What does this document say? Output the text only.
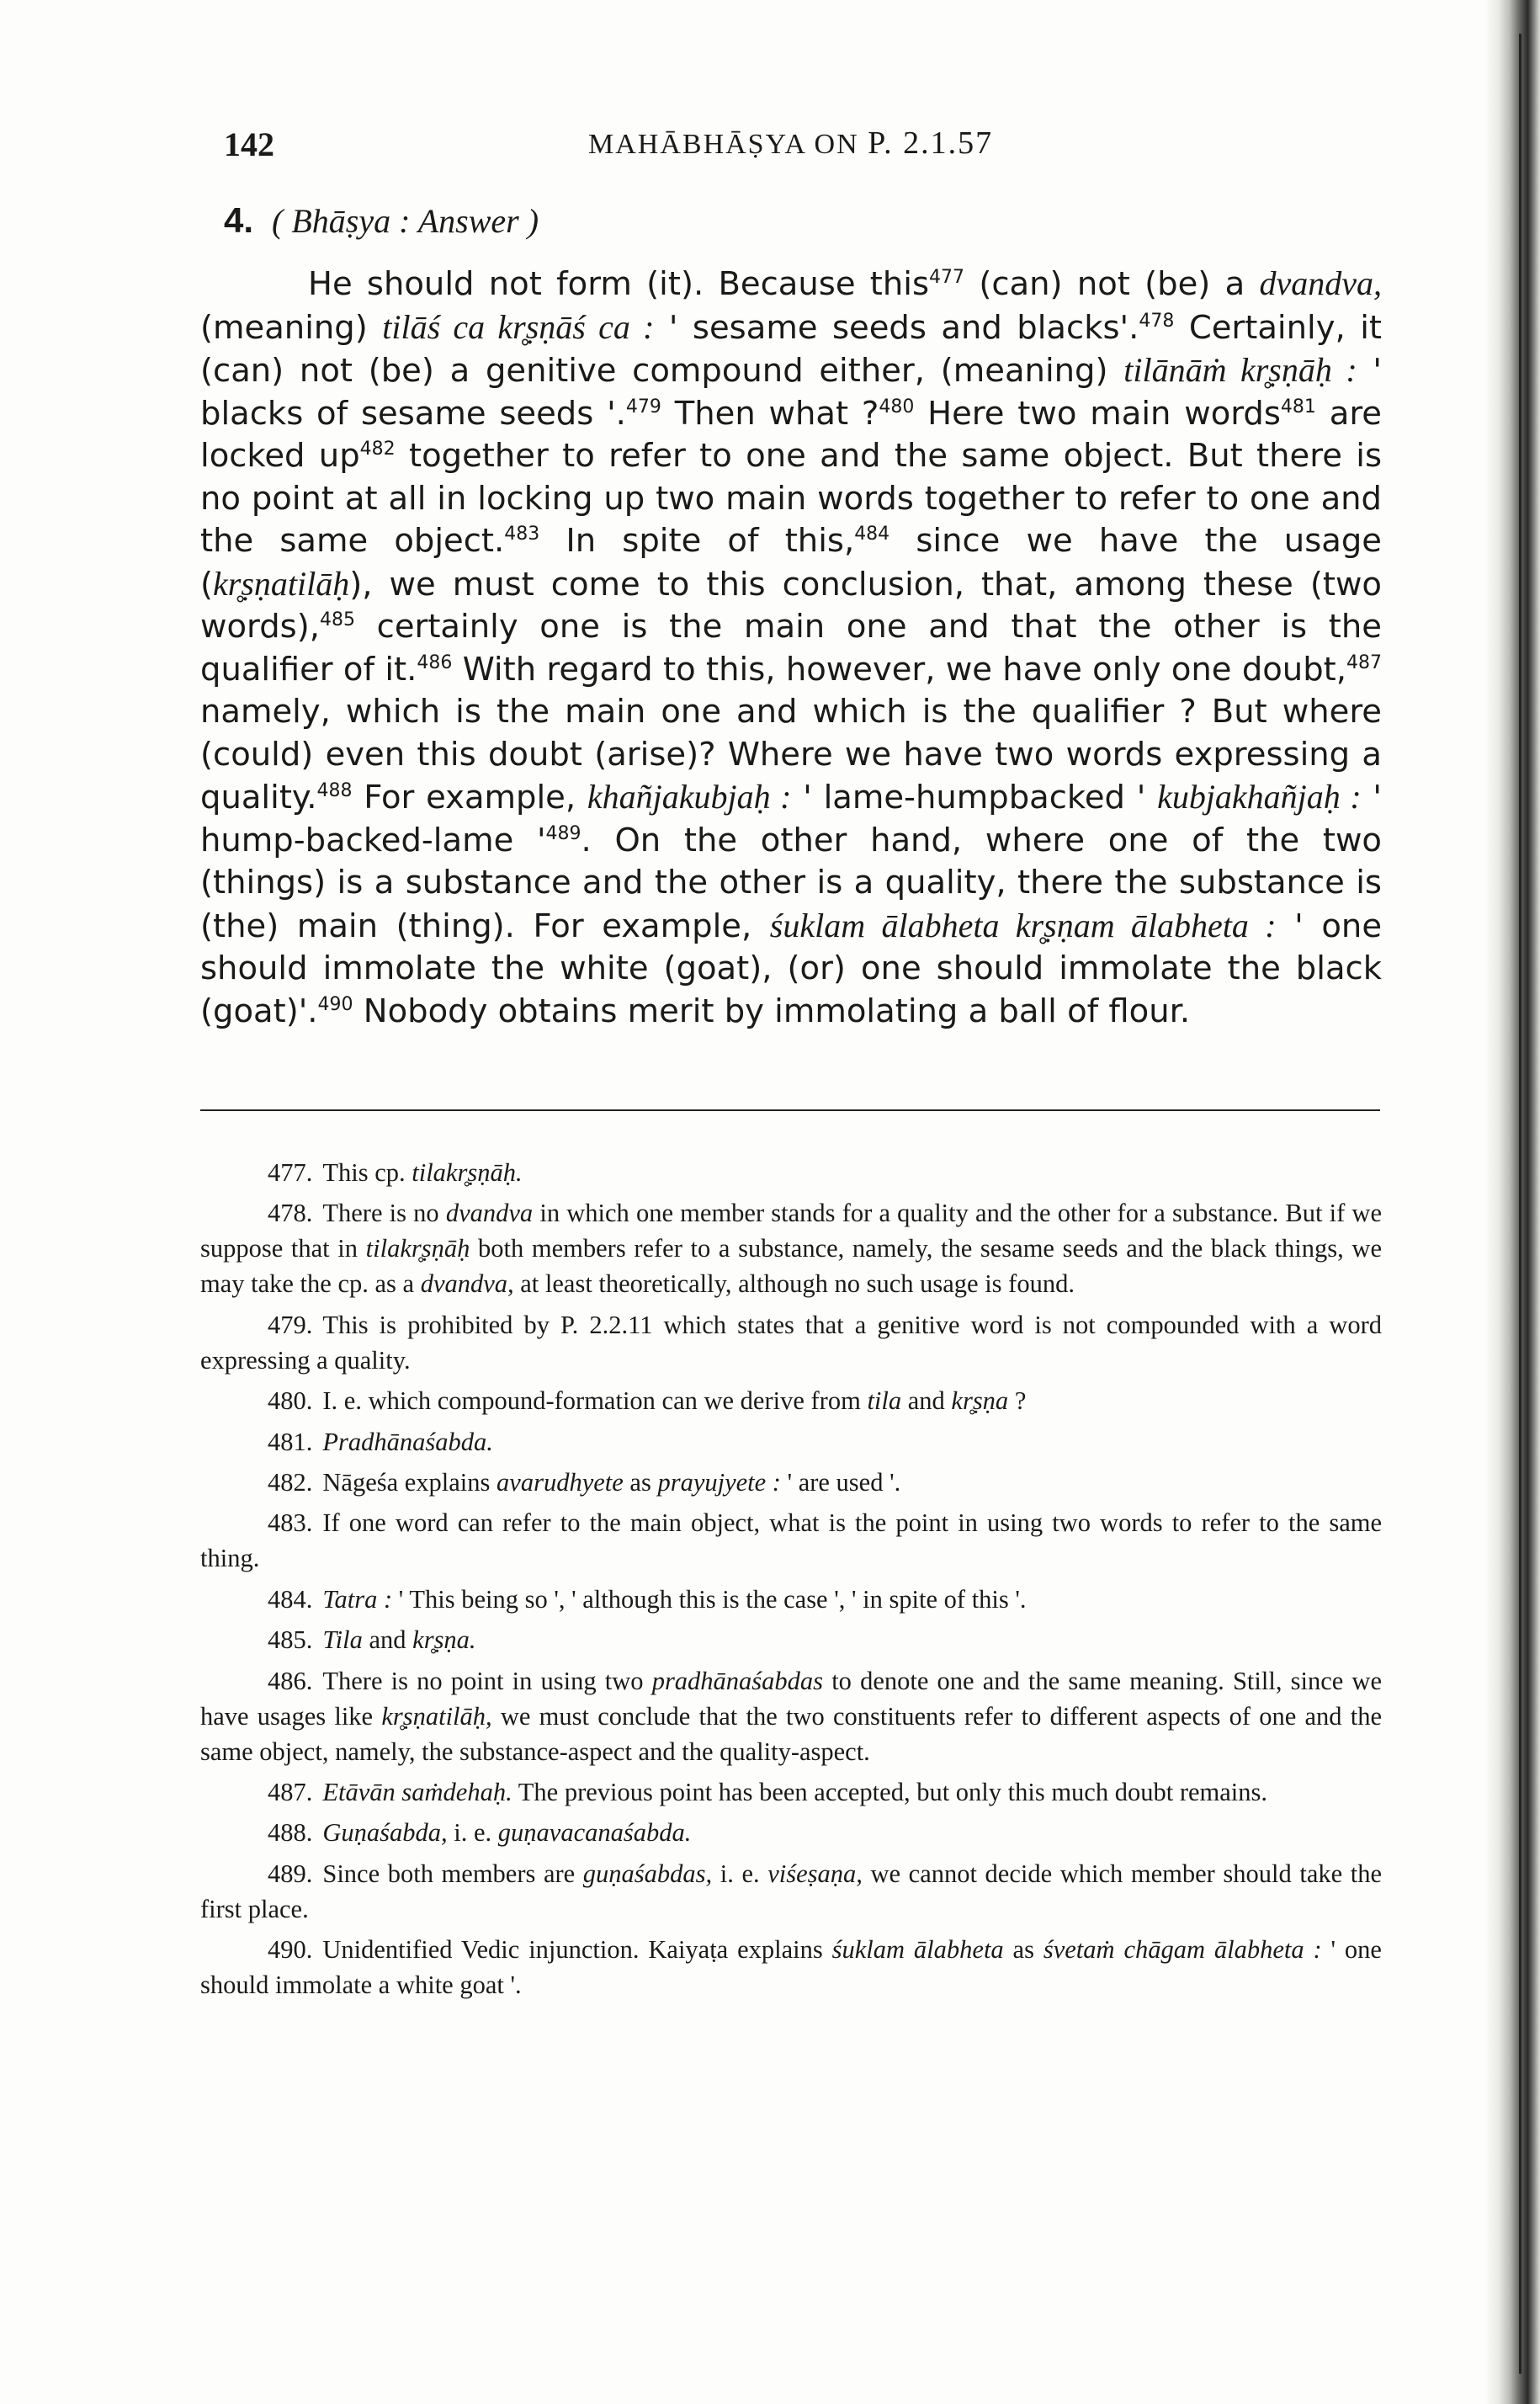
142	MAHĀBHĀṢYA ON P. 2.1.57
4. ( Bhāṣya : Answer )

He should not form (it). Because this$^{477}$ (can) not (be) a dvandva, (meaning) tilāś ca kr̥ṣṇāś ca : ' sesame seeds and blacks'.$^{478}$ Certainly, it (can) not (be) a genitive compound either, (meaning) tilānāṁ kr̥ṣṇāḥ : ' blacks of sesame seeds '.$^{479}$ Then what ?$^{480}$ Here two main words$^{481}$ are locked $up^{482}$ together to refer to one and the same object. But there is no point at all in locking up two main words together to refer to one and the same object.$^{483}$ In spite of this,$^{484}$ since we have the usage (kr̥ṣṇatilāḥ), we must come to this conclusion, that, among these (two words),$^{485}$ certainly one is the main one and that the other is the qualifier of it.$^{486}$ With regard to this, however, we have only one doubt,$^{487}$ namely, which is the main one and which is the qualifier ? But where (could) even this doubt (arise)? Where we have two words expressing a quality.$^{488}$ For example, khañjakubjaḥ : ' lame-humpbacked ' kubjakhañjaḥ : ' hump-backed-lame '$^{489}$. On the other hand, where one of the two (things) is a substance and the other is a quality, there the substance is (the) main (thing). For example, śuklam ālabheta kr̥ṣṇam ālabheta : ' one should immolate the white (goat), (or) one should immolate the black (goat)'.$^{490}$ Nobody obtains merit by immolating a ball of flour.

477. This cp. tilakr̥ṣṇāḥ.

478. There is no dvandva in which one member stands for a quality and the other for a substance. But if we suppose that in tilakr̥ṣṇāḥ both members refer to a substance, namely, the sesame seeds and the black things, we may take the cp. as a dvandva, at least theoretically, although no such usage is found.

479. This is prohibited by P. 2.2.11 which states that a genitive word is not compounded with a word expressing a quality.

480. I. e. which compound-formation can we derive from tila and kr̥ṣṇa ?

481. Pradhānaśabda.

482. Nāgeśa explains avarudhyete as prayujyete : ' are used '.

483. If one word can refer to the main object, what is the point in using two words to refer to the same thing.

484. Tatra : ' This being so ', ' although this is the case ', ' in spite of this '.

485. Tila and kr̥ṣṇa.

486. There is no point in using two pradhānaśabdas to denote one and the same meaning. Still, since we have usages like kr̥ṣṇatilāḥ, we must conclude that the two constituents refer to different aspects of one and the same object, namely, the substance-aspect and the quality-aspect.

487. Etāvān saṁdehaḥ. The previous point has been accepted, but only this much doubt remains.

488. Guṇaśabda, i. e. guṇavacanaśabda.

489. Since both members are guṇaśabdas, i. e. viśeṣaṇa, we cannot decide which member should take the first place.

490. Unidentified Vedic injunction. Kaiyaṭa explains śuklam ālabheta as śvetaṁ chāgam ālabheta : ' one should immolate a white goat '.
